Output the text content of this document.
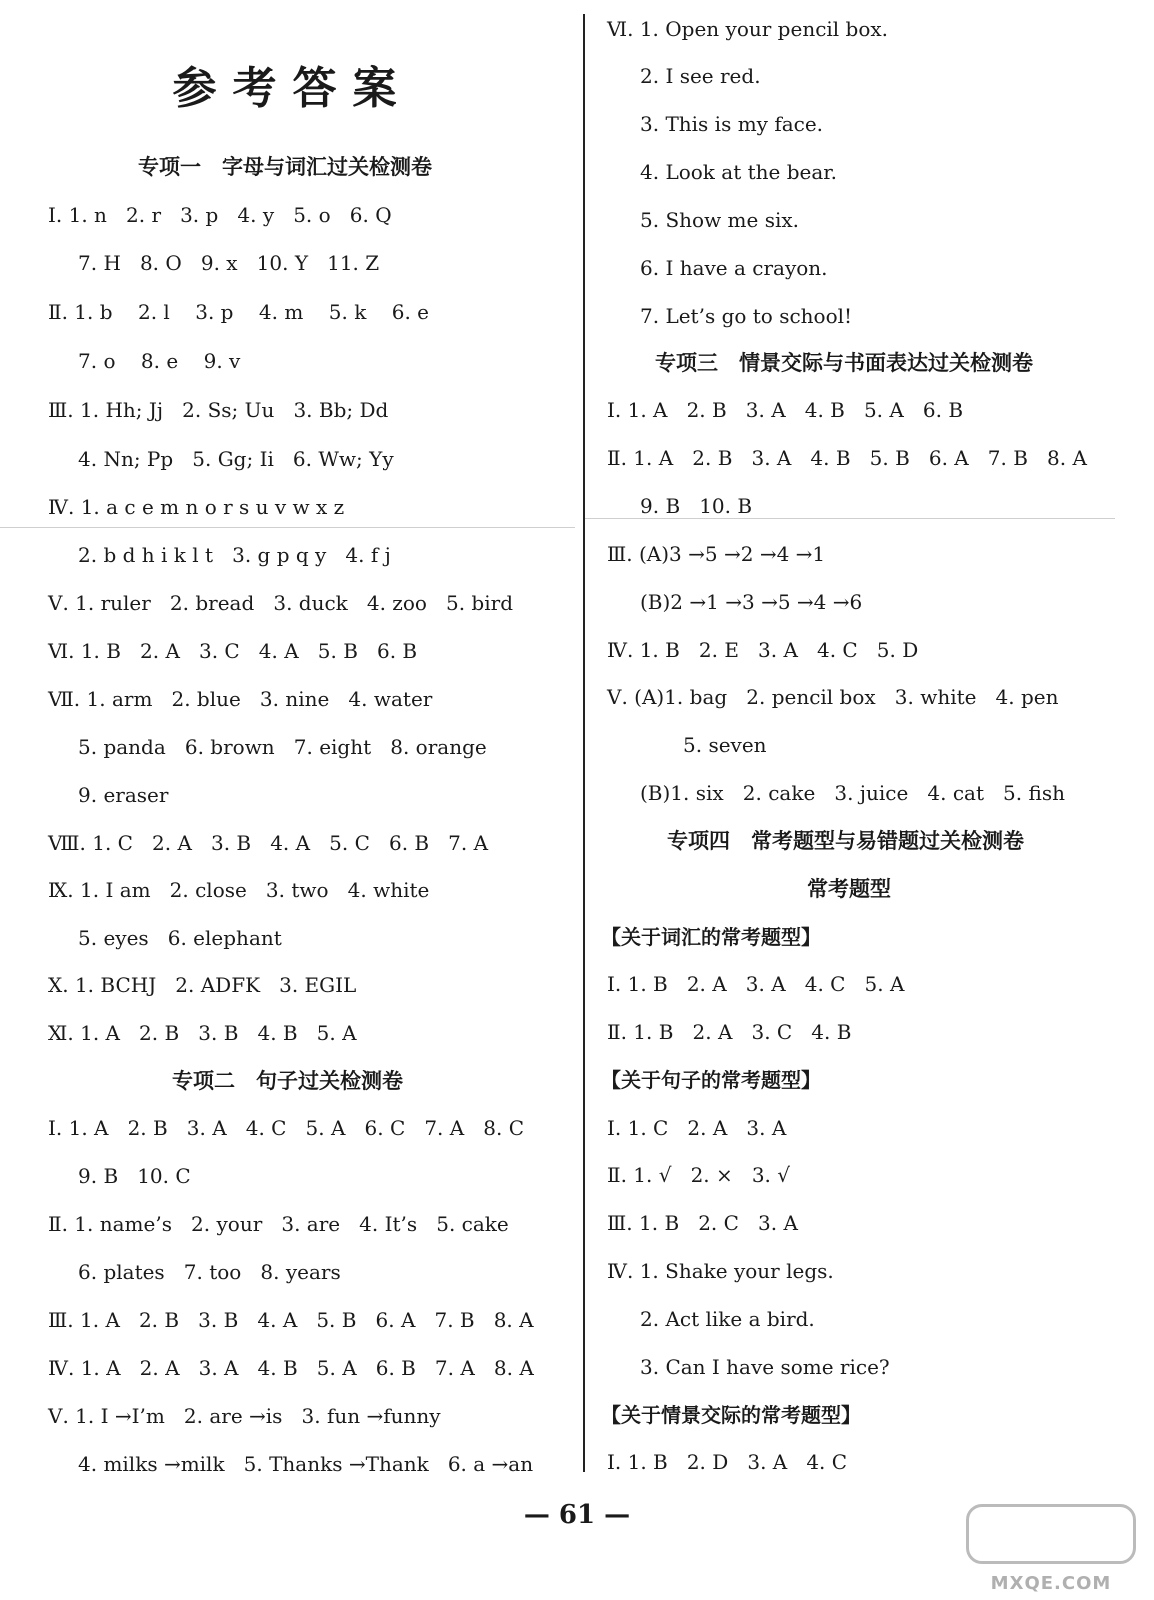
参考答案
专项一　字母与词汇过关检测卷
Ⅰ. 1. n   2. r   3. p   4. y   5. o   6. Q
7. H   8. O   9. x   10. Y   11. Z
Ⅱ. 1. b    2. l    3. p    4. m    5. k    6. e
7. o    8. e    9. v
Ⅲ. 1. Hh; Jj   2. Ss; Uu   3. Bb; Dd
4. Nn; Pp   5. Gg; Ii   6. Ww; Yy
Ⅳ. 1. a c e m n o r s u v w x z
2. b d h i k l t   3. g p q y   4. f j
Ⅴ. 1. ruler   2. bread   3. duck   4. zoo   5. bird
Ⅵ. 1. B   2. A   3. C   4. A   5. B   6. B
Ⅶ. 1. arm   2. blue   3. nine   4. water
5. panda   6. brown   7. eight   8. orange
9. eraser
Ⅷ. 1. C   2. A   3. B   4. A   5. C   6. B   7. A
Ⅸ. 1. I am   2. close   3. two   4. white
5. eyes   6. elephant
Ⅹ. 1. BCHJ   2. ADFK   3. EGIL
Ⅺ. 1. A   2. B   3. B   4. B   5. A
专项二　句子过关检测卷
Ⅰ. 1. A   2. B   3. A   4. C   5. A   6. C   7. A   8. C
9. B   10. C
Ⅱ. 1. name’s   2. your   3. are   4. It’s   5. cake
6. plates   7. too   8. years
Ⅲ. 1. A   2. B   3. B   4. A   5. B   6. A   7. B   8. A
Ⅳ. 1. A   2. A   3. A   4. B   5. A   6. B   7. A   8. A
Ⅴ. 1. I →I’m   2. are →is   3. fun →funny
4. milks →milk   5. Thanks →Thank   6. a →an
Ⅵ. 1. Open your pencil box.
2. I see red.
3. This is my face.
4. Look at the bear.
5. Show me six.
6. I have a crayon.
7. Let’s go to school!
专项三　情景交际与书面表达过关检测卷
Ⅰ. 1. A   2. B   3. A   4. B   5. A   6. B
Ⅱ. 1. A   2. B   3. A   4. B   5. B   6. A   7. B   8. A
9. B   10. B
Ⅲ. (A)3 →5 →2 →4 →1
(B)2 →1 →3 →5 →4 →6
Ⅳ. 1. B   2. E   3. A   4. C   5. D
Ⅴ. (A)1. bag   2. pencil box   3. white   4. pen
5. seven
(B)1. six   2. cake   3. juice   4. cat   5. fish
专项四　常考题型与易错题过关检测卷
常考题型
【关于词汇的常考题型】
Ⅰ. 1. B   2. A   3. A   4. C   5. A
Ⅱ. 1. B   2. A   3. C   4. B
【关于句子的常考题型】
Ⅰ. 1. C   2. A   3. A
Ⅱ. 1. √   2. ×   3. √
Ⅲ. 1. B   2. C   3. A
Ⅳ. 1. Shake your legs.
2. Act like a bird.
3. Can I have some rice?
【关于情景交际的常考题型】
Ⅰ. 1. B   2. D   3. A   4. C
— 61 —
MXQE.COM
